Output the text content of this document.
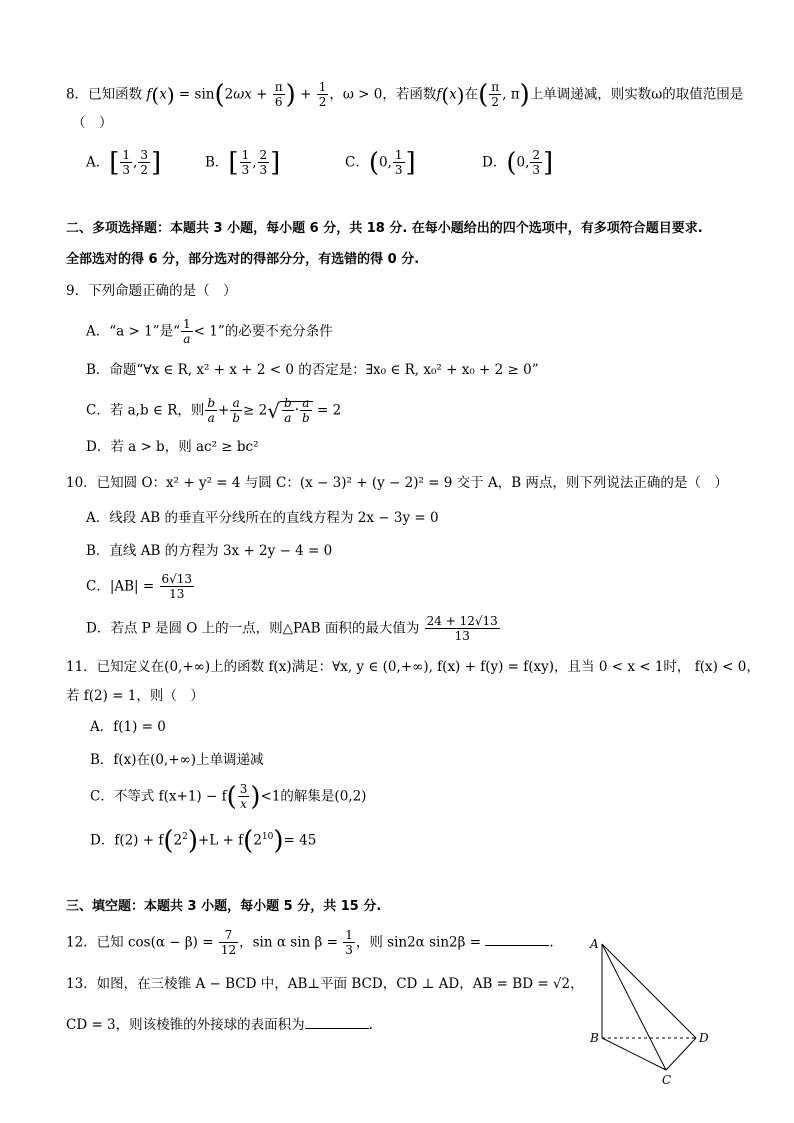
8．已知函数 $f(x) = \sin(2\omega x + \frac{\pi}{6}$ ) + $\frac{1}{2}$ ，ω > 0，若函数f(x)在( $\frac{\pi}{2}$ , π)上单调递减，则实数ω的取值范围是
（　）
A．[ $\frac{1}{3}$ , $\frac{3}{2}$ ]	B．[ $\frac{1}{3}$ , $\frac{2}{3}$ ]	C．(0, $\frac{1}{3}$ ]	D．(0, $\frac{2}{3}$ ]
二、多项选择题：本题共 3 小题，每小题 6 分，共 18 分. 在每小题给出的四个选项中，有多项符合题目要求.
全部选对的得 6 分，部分选对的得部分分，有选错的得 0 分.
9．下列命题正确的是（　）
A．“a > 1”是“ $\frac{1}{a} < 1$”的必要不充分条件
B．命题“∀x ∈ R, x² + x + 2 < 0 的否定是：∃x₀ ∈ R, x₀² + x₀ + 2 ≥ 0”
C．若 a,b ∈ R，则 $\frac{b}{a} + \frac{a}{b} \ge 2√ \frac{b}{a} \cdot \frac{a}{b} = 2$
D．若 a > b，则 ac² ≥ bc²
10．已知圆 O：x² + y² = 4 与圆 C：(x − 3)² + (y − 2)² = 9 交于 A，B 两点，则下列说法正确的是（　）
A．线段 AB 的垂直平分线所在的直线方程为 2x − 3y = 0
B．直线 AB 的方程为 3x + 2y − 4 = 0
C．$|AB| = \frac{6√13}{13}$
D．若点 P 是圆 O 上的一点，则△PAB 面积的最大值为 $\frac{24 + 12√13}{13}$
11．已知定义在(0,+∞)上的函数 f(x)满足：∀x, y ∈ (0,+∞), f(x) + f(y) = f(xy)，且当 0 < x < 1时， f(x) < 0，
若 f(2) = 1，则（　）
A．f(1) = 0
B．f(x)在(0,+∞)上单调递减
C．不等式 $f(x+1) - f( \frac{3}{x} )<1$的解集是(0,2)
D．$f(2) + f(2^2)+L + f(2^{10})= 45$
三、填空题：本题共 3 小题，每小题 5 分，共 15 分.
12．已知 $\cos(\alpha - \beta) = \frac{7}{12}$ ，sin α $\sin \beta = \frac{1}{3}$ ，则 sin2α sin2β =	.
13．如图，在三棱锥 A − BCD 中，AB⊥平面 BCD，CD ⊥ AD，AB = BD = √2，
CD = 3，则该棱锥的外接球的表面积为	.
A
B
C
D
